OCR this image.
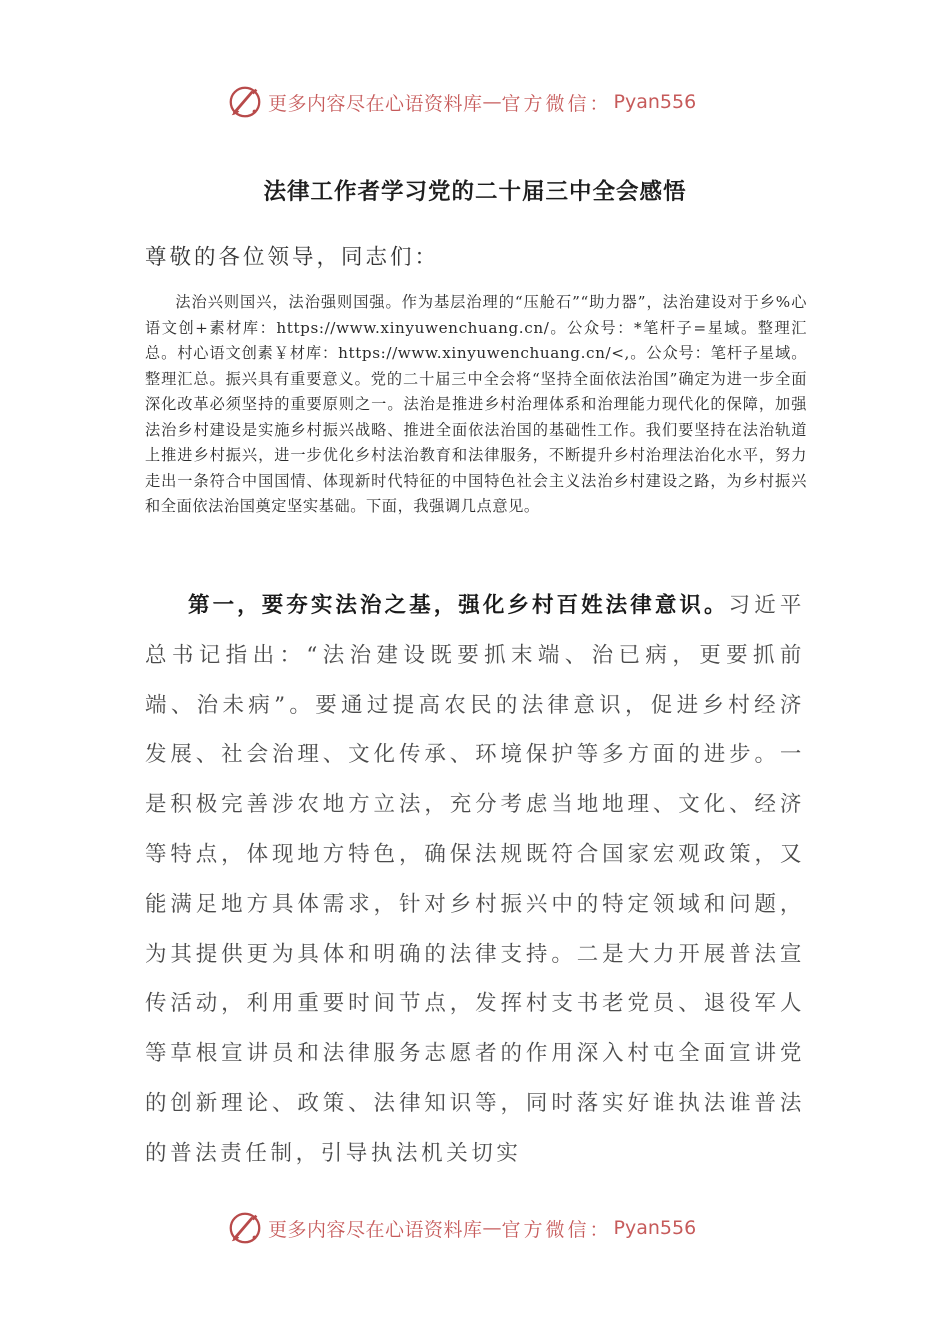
更多内容尽在心语资料库 — 官方微信： Pyan556
法律工作者学习党的二十届三中全会感悟
尊敬的各位领导，同志们：
法治兴则国兴，法治强则国强。作为基层治理的“压舱石”“助力器”，法治建设对于乡%心语文创+素材库：https://www.xinyuwenchuang.cn/。公众号：*笔杆子=星域。整理汇总。村心语文创素￥材库：https://www.xinyuwenchuang.cn/<,。公众号：笔杆子星域。整理汇总。振兴具有重要意义。党的二十届三中全会将“坚持全面依法治国”确定为进一步全面深化改革必须坚持的重要原则之一。法治是推进乡村治理体系和治理能力现代化的保障，加强法治乡村建设是实施乡村振兴战略、推进全面依法治国的基础性工作。我们要坚持在法治轨道上推进乡村振兴，进一步优化乡村法治教育和法律服务，不断提升乡村治理法治化水平，努力走出一条符合中国国情、体现新时代特征的中国特色社会主义法治乡村建设之路，为乡村振兴和全面依法治国奠定坚实基础。下面，我强调几点意见。
第一，要夯实法治之基，强化乡村百姓法律意识。习近平总书记指出：“法治建设既要抓末端、治已病，更要抓前端、治未病”。要通过提高农民的法律意识，促进乡村经济发展、社会治理、文化传承、环境保护等多方面的进步。一是积极完善涉农地方立法，充分考虑当地地理、文化、经济等特点，体现地方特色，确保法规既符合国家宏观政策，又能满足地方具体需求，针对乡村振兴中的特定领域和问题，为其提供更为具体和明确的法律支持。二是大力开展普法宣传活动，利用重要时间节点，发挥村支书老党员、退役军人等草根宣讲员和法律服务志愿者的作用深入村屯全面宣讲党的创新理论、政策、法律知识等，同时落实好谁执法谁普法的普法责任制，引导执法机关切实
更多内容尽在心语资料库 — 官方微信： Pyan556
